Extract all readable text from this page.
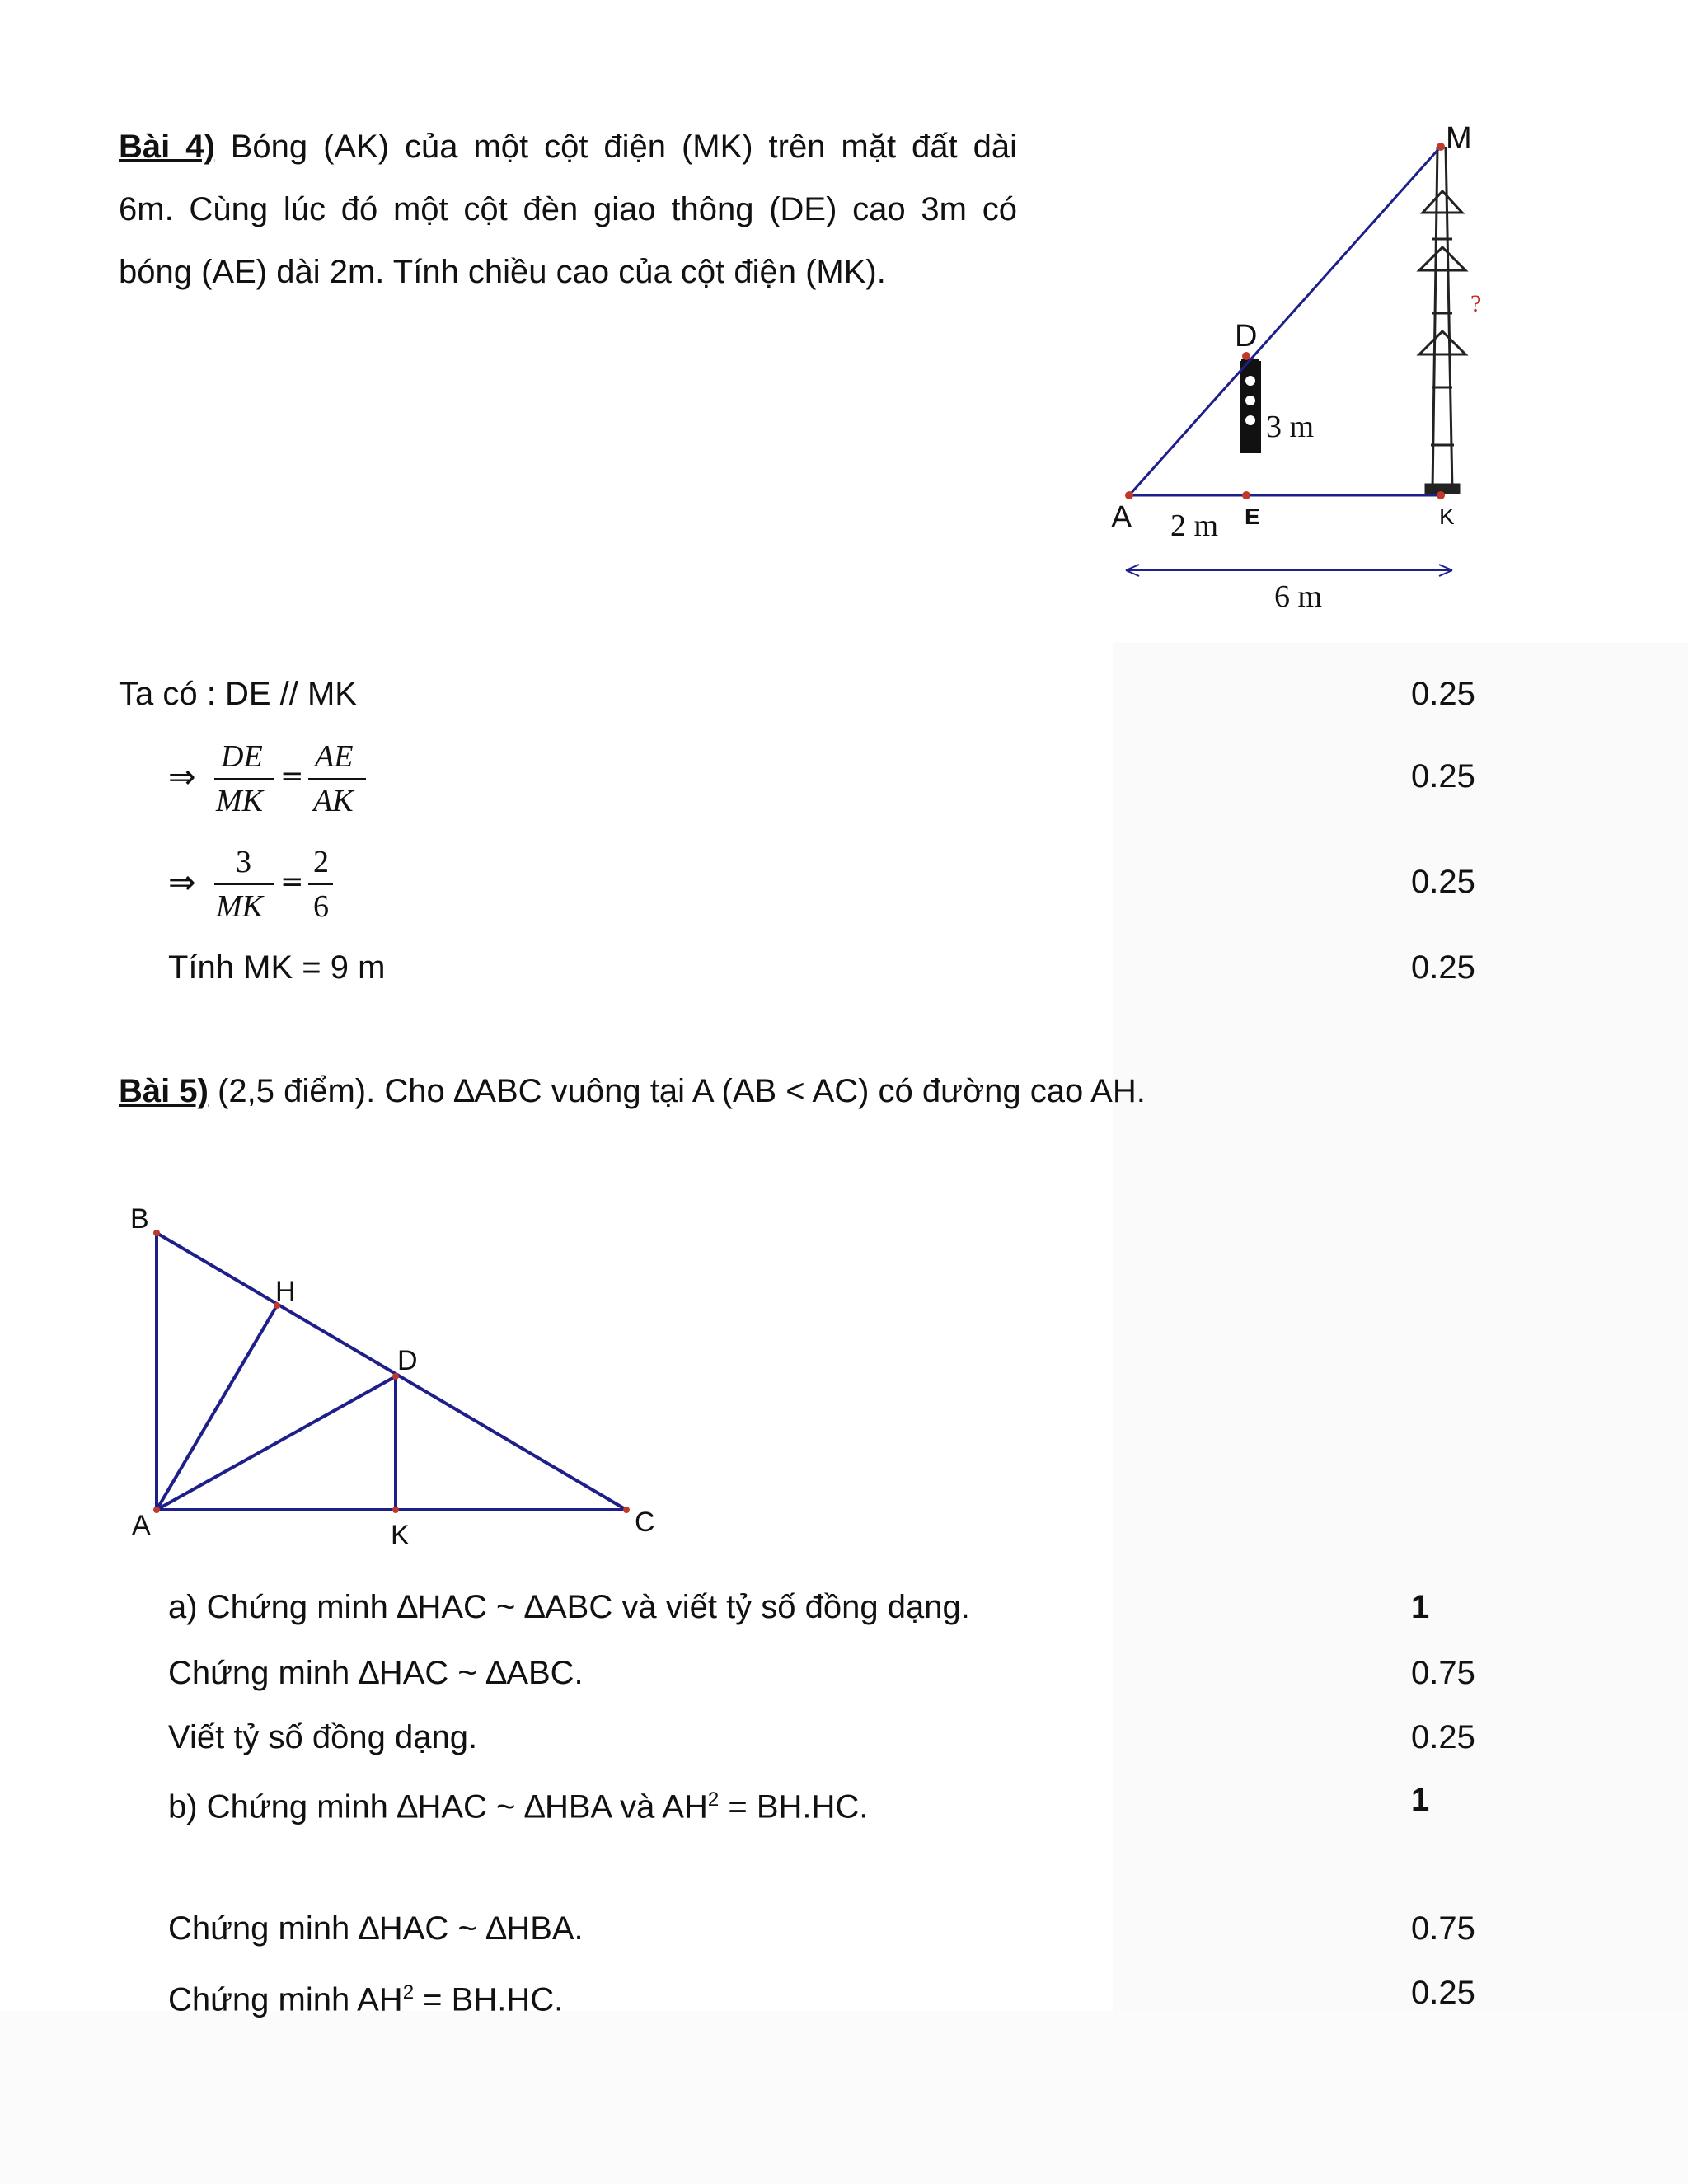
Bài 4) Bóng (AK) của một cột điện (MK) trên mặt đất dài
6m. Cùng lúc đó một cột đèn giao thông (DE) cao 3m có
bóng (AE) dài 2m. Tính chiều cao của cột điện (MK).
M
D
A	E	K
?
3 m
2 m
6 m
Ta có : DE // MK	0.25
⇒
DE
MK
=
AE
AK
0.25
⇒
3
MK
=
2
6
0.25
Tính MK = 9 m	0.25
Bài 5) (2,5 điểm). Cho ∆ABC vuông tại A (AB < AC) có đường cao AH.
B
H
D
A	K	C
a) Chứng minh ∆HAC ~ ∆ABC và viết tỷ số đồng dạng.	1
Chứng minh ∆HAC ~ ∆ABC.	0.75
Viết tỷ số đồng dạng.	0.25
b) Chứng minh ∆HAC ~ ∆HBA và $AH^2 = BH.HC$.	1
Chứng minh ∆HAC ~ ∆HBA.	0.75
Chứng minh $AH^2 = BH.HC$.	0.25
